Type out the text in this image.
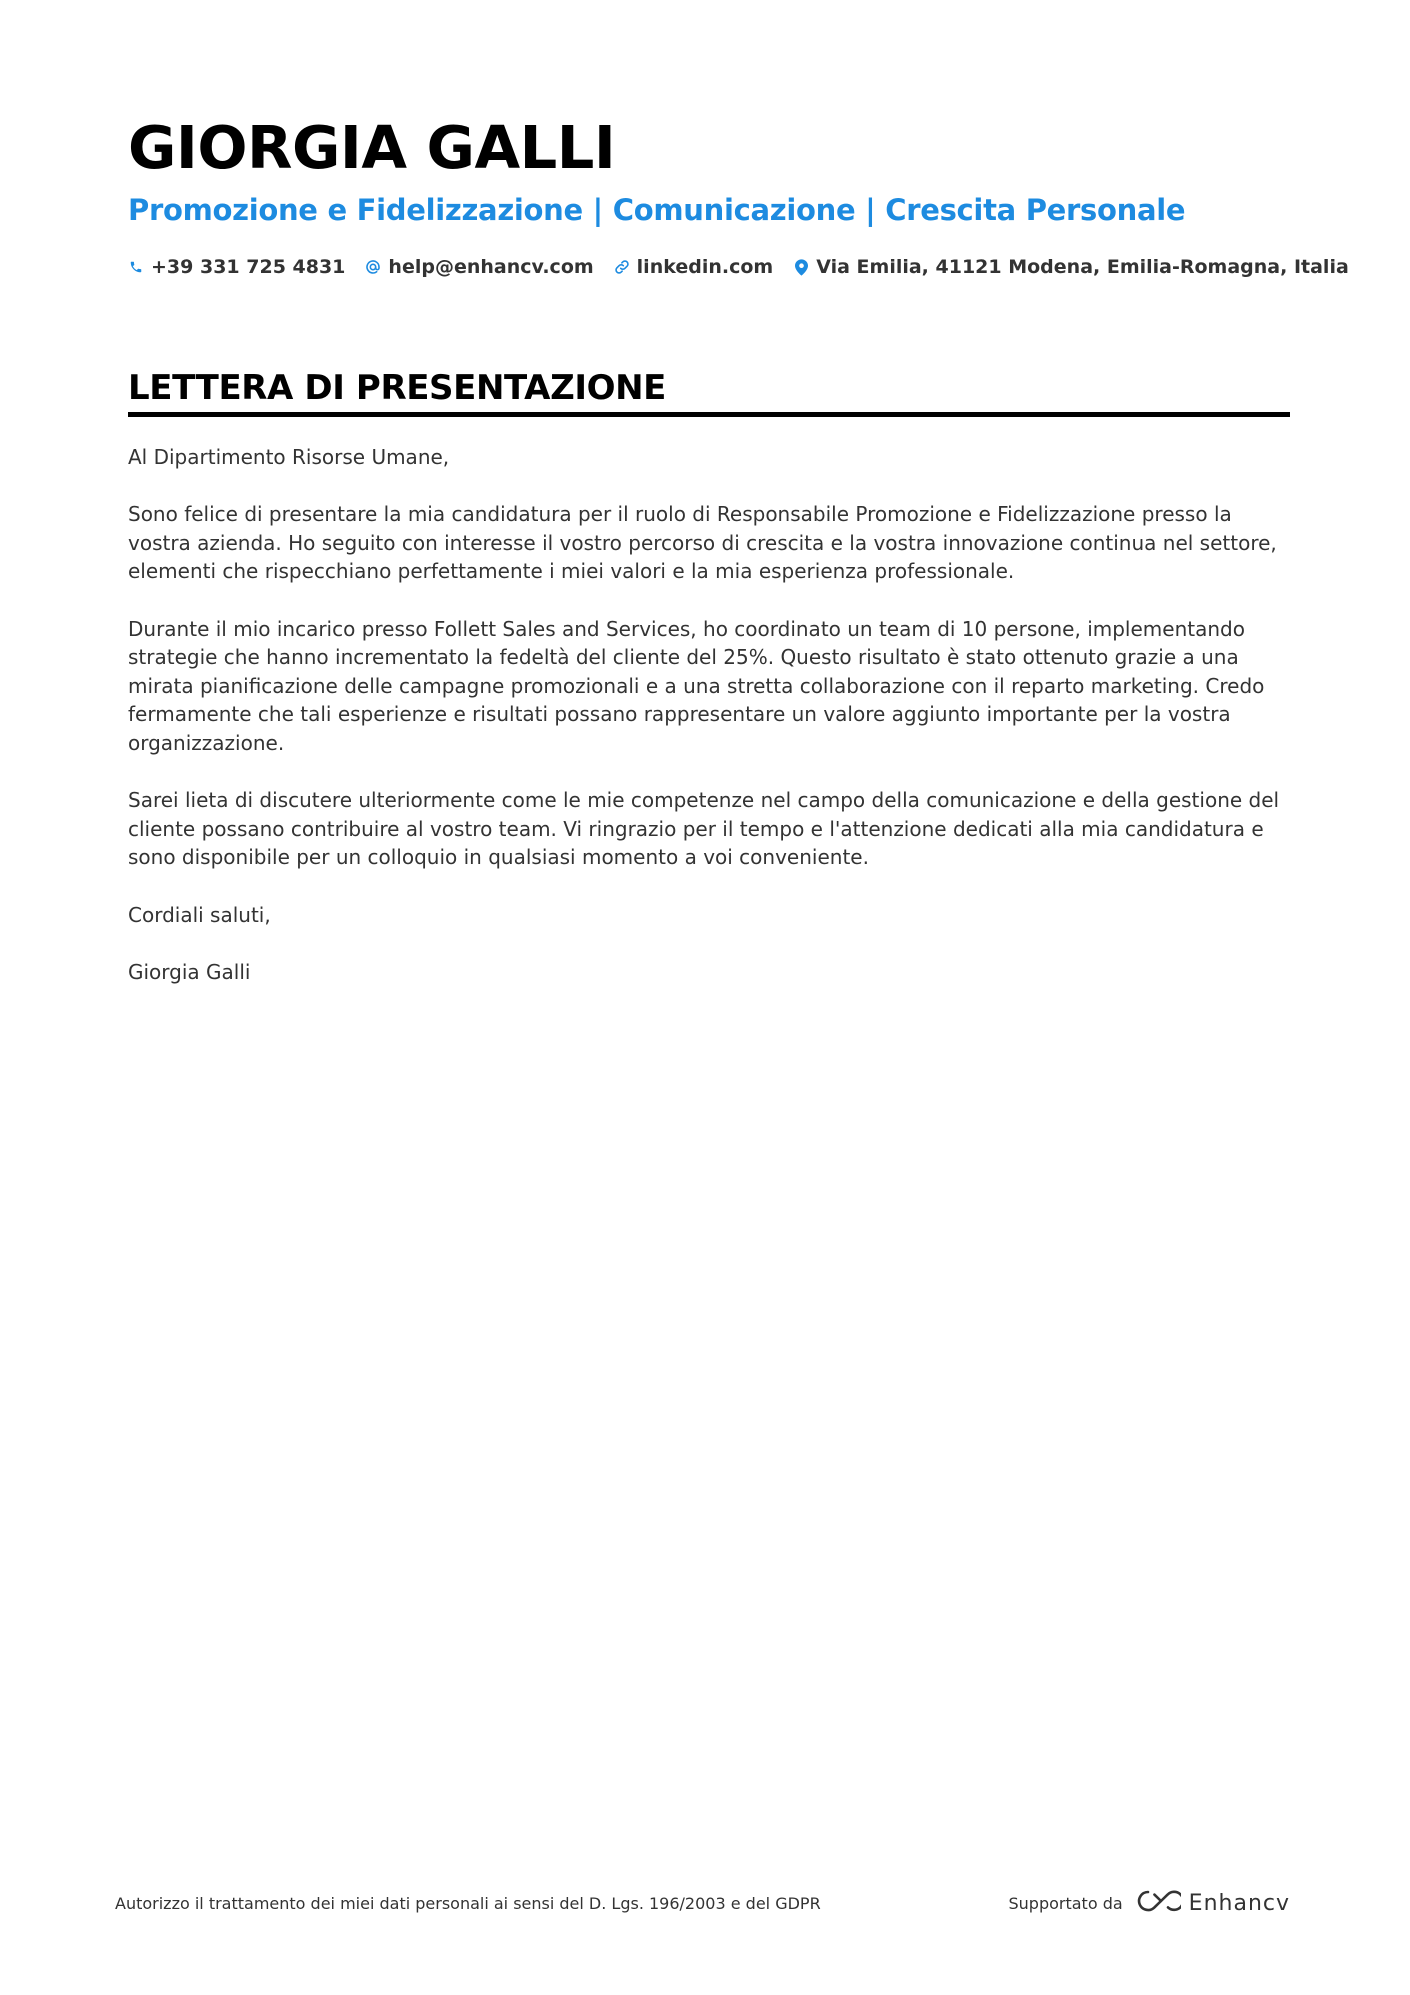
GIORGIA GALLI
Promozione e Fidelizzazione | Comunicazione | Crescita Personale
+39 331 725 4831 help@enhancv.com linkedin.com Via Emilia, 41121 Modena, Emilia-Romagna, Italia
LETTERA DI PRESENTAZIONE

Al Dipartimento Risorse Umane,

Sono felice di presentare la mia candidatura per il ruolo di Responsabile Promozione e Fidelizzazione presso la vostra azienda. Ho seguito con interesse il vostro percorso di crescita e la vostra innovazione continua nel settore, elementi che rispecchiano perfettamente i miei valori e la mia esperienza professionale.

Durante il mio incarico presso Follett Sales and Services, ho coordinato un team di 10 persone, implementando strategie che hanno incrementato la fedeltà del cliente del 25%. Questo risultato è stato ottenuto grazie a una mirata pianificazione delle campagne promozionali e a una stretta collaborazione con il reparto marketing. Credo fermamente che tali esperienze e risultati possano rappresentare un valore aggiunto importante per la vostra organizzazione.

Sarei lieta di discutere ulteriormente come le mie competenze nel campo della comunicazione e della gestione del cliente possano contribuire al vostro team. Vi ringrazio per il tempo e l'attenzione dedicati alla mia candidatura e sono disponibile per un colloquio in qualsiasi momento a voi conveniente.

Cordiali saluti,

Giorgia Galli

Autorizzo il trattamento dei miei dati personali ai sensi del D. Lgs. 196/2003 e del GDPR	Supportato da	Enhancv
